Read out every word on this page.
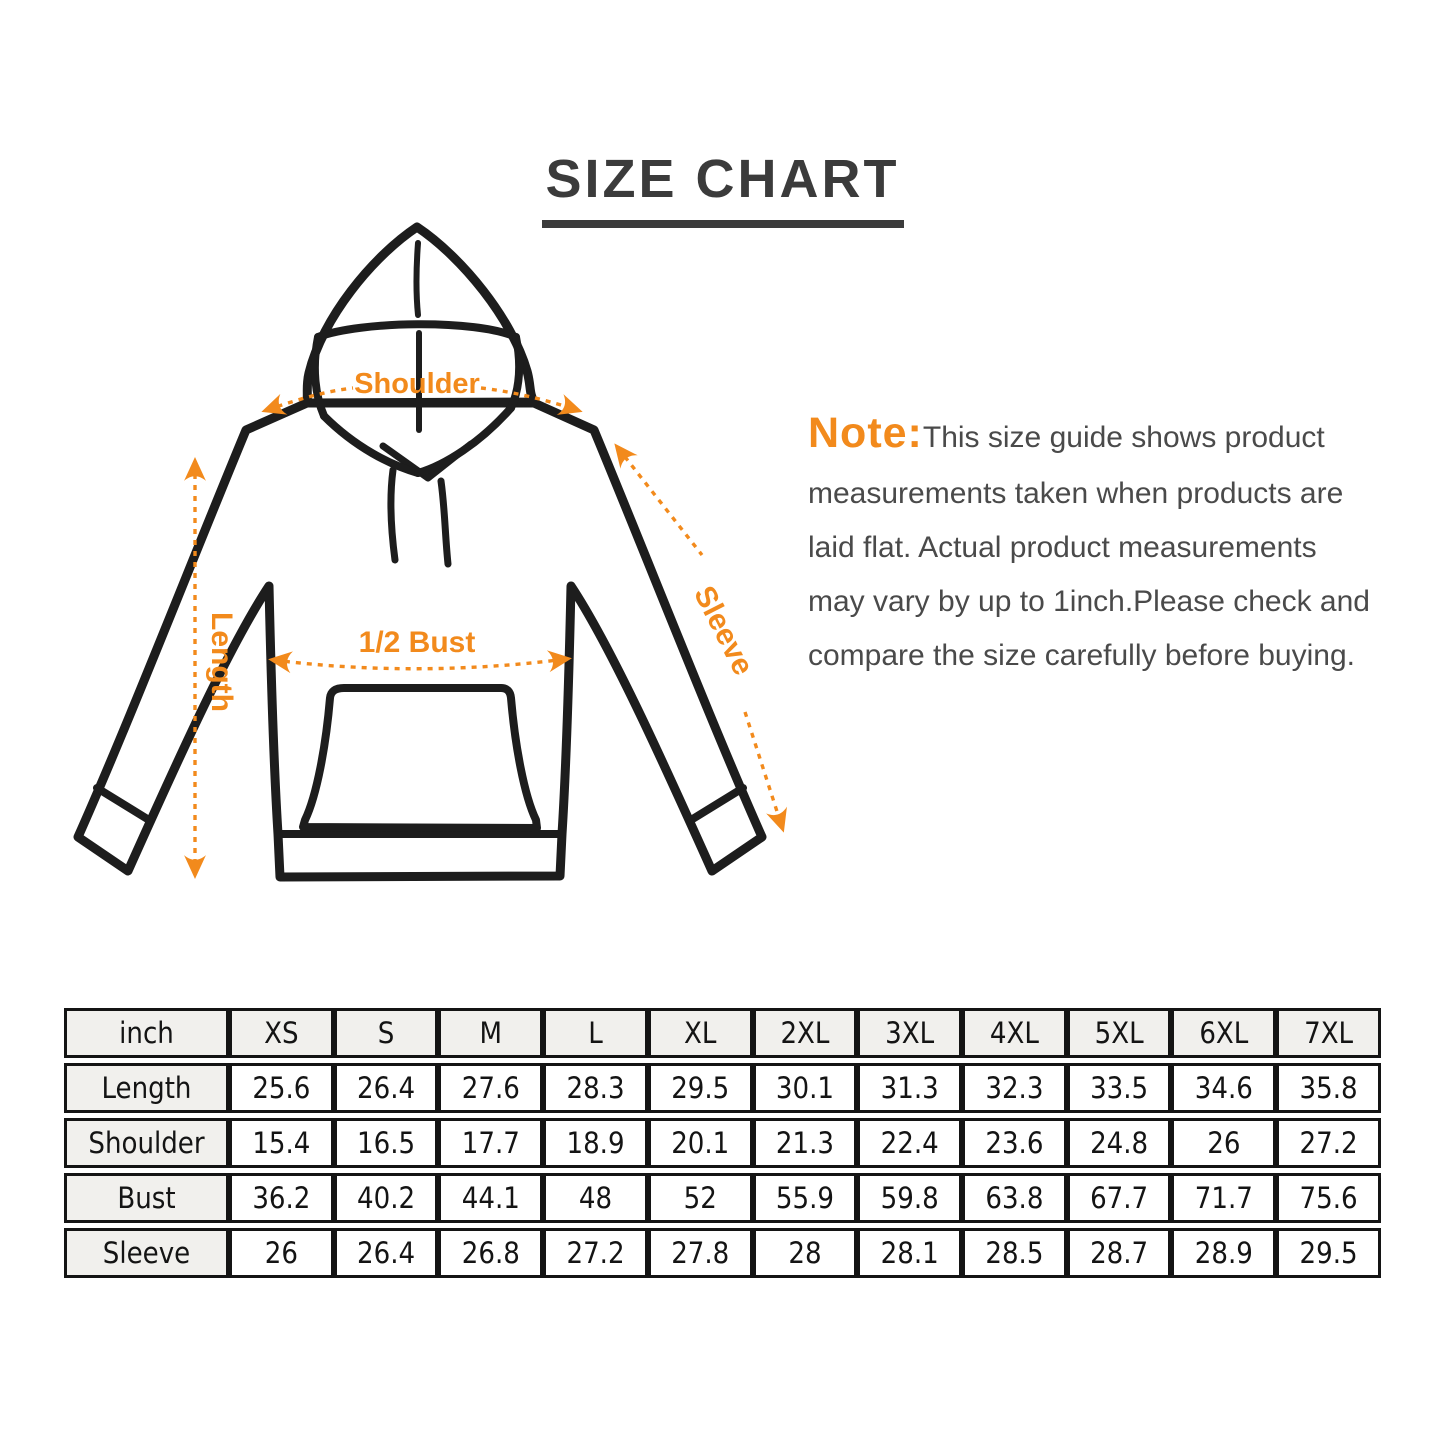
SIZE CHART
Shoulder
Length	1/2 Bust	Sleeve
Note:This size guide shows product
measurements taken when products are
laid flat. Actual product measurements
may vary by up to 1inch.Please check and
compare the size carefully before buying.
inch	XS	S	M	L	XL	2XL	3XL	4XL	5XL	6XL	7XL
Length	25.6	26.4	27.6	28.3	29.5	30.1	31.3	32.3	33.5	34.6	35.8
Shoulder	15.4	16.5	17.7	18.9	20.1	21.3	22.4	23.6	24.8	26	27.2
Bust	36.2	40.2	44.1	48	52	55.9	59.8	63.8	67.7	71.7	75.6
Sleeve	26	26.4	26.8	27.2	27.8	28	28.1	28.5	28.7	28.9	29.5
